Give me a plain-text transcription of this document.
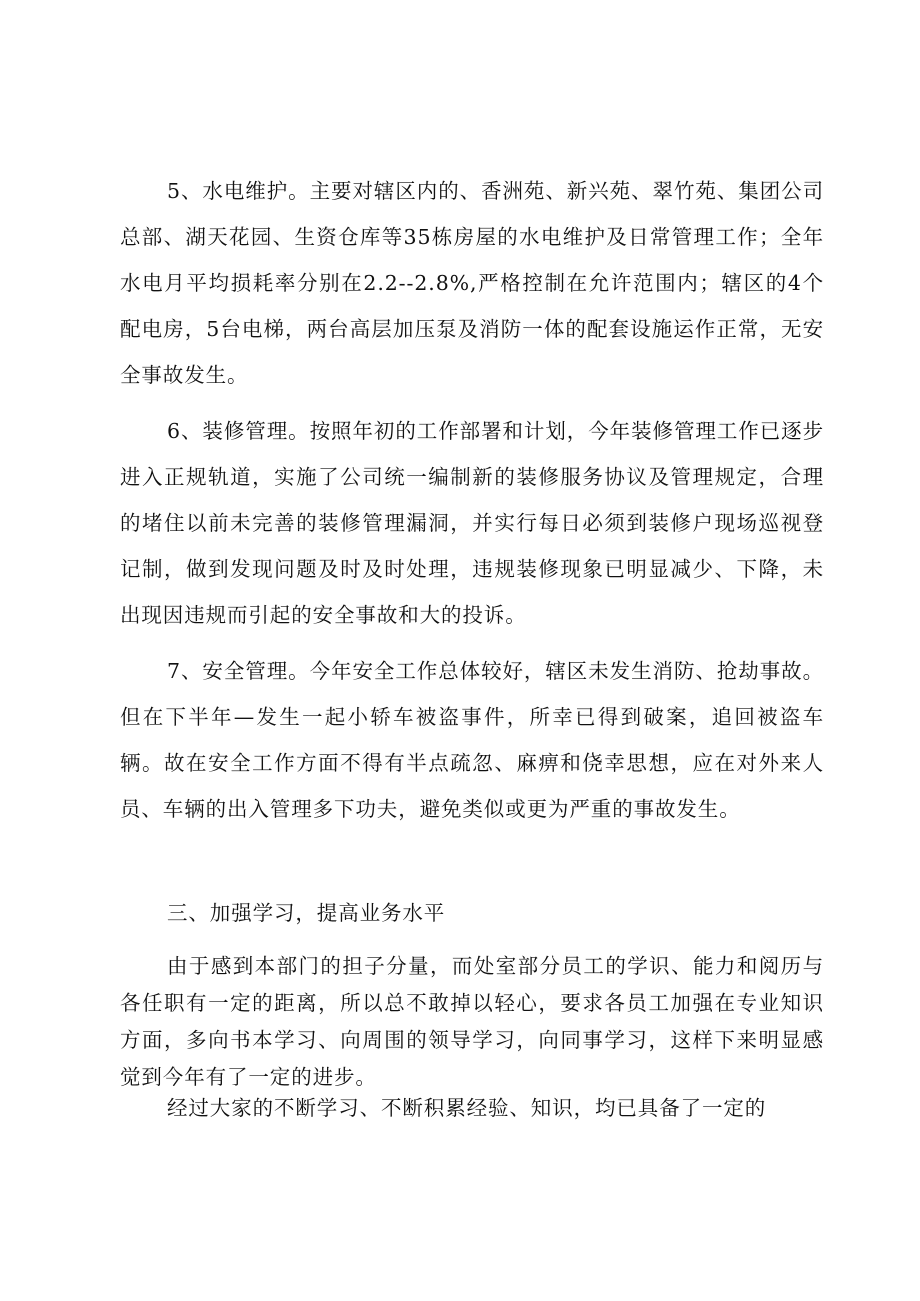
5、水电维护。主要对辖区内的、香洲苑、新兴苑、翠竹苑、集团公司总部、湖天花园、生资仓库等35栋房屋的水电维护及日常管理工作；全年水电月平均损耗率分别在2.2--2.8%,严格控制在允许范围内；辖区的4个配电房，5台电梯，两台高层加压泵及消防一体的配套设施运作正常，无安全事故发生。

6、装修管理。按照年初的工作部署和计划，今年装修管理工作已逐步进入正规轨道，实施了公司统一编制新的装修服务协议及管理规定，合理的堵住以前未完善的装修管理漏洞，并实行每日必须到装修户现场巡视登记制，做到发现问题及时及时处理，违规装修现象已明显减少、下降，未出现因违规而引起的安全事故和大的投诉。

7、安全管理。今年安全工作总体较好，辖区未发生消防、抢劫事故。但在下半年—发生一起小轿车被盗事件，所幸已得到破案，追回被盗车辆。故在安全工作方面不得有半点疏忽、麻痹和侥幸思想，应在对外来人员、车辆的出入管理多下功夫，避免类似或更为严重的事故发生。

三、加强学习，提高业务水平

由于感到本部门的担子分量，而处室部分员工的学识、能力和阅历与各任职有一定的距离，所以总不敢掉以轻心，要求各员工加强在专业知识方面，多向书本学习、向周围的领导学习，向同事学习，这样下来明显感觉到今年有了一定的进步。

经过大家的不断学习、不断积累经验、知识，均已具备了一定的
